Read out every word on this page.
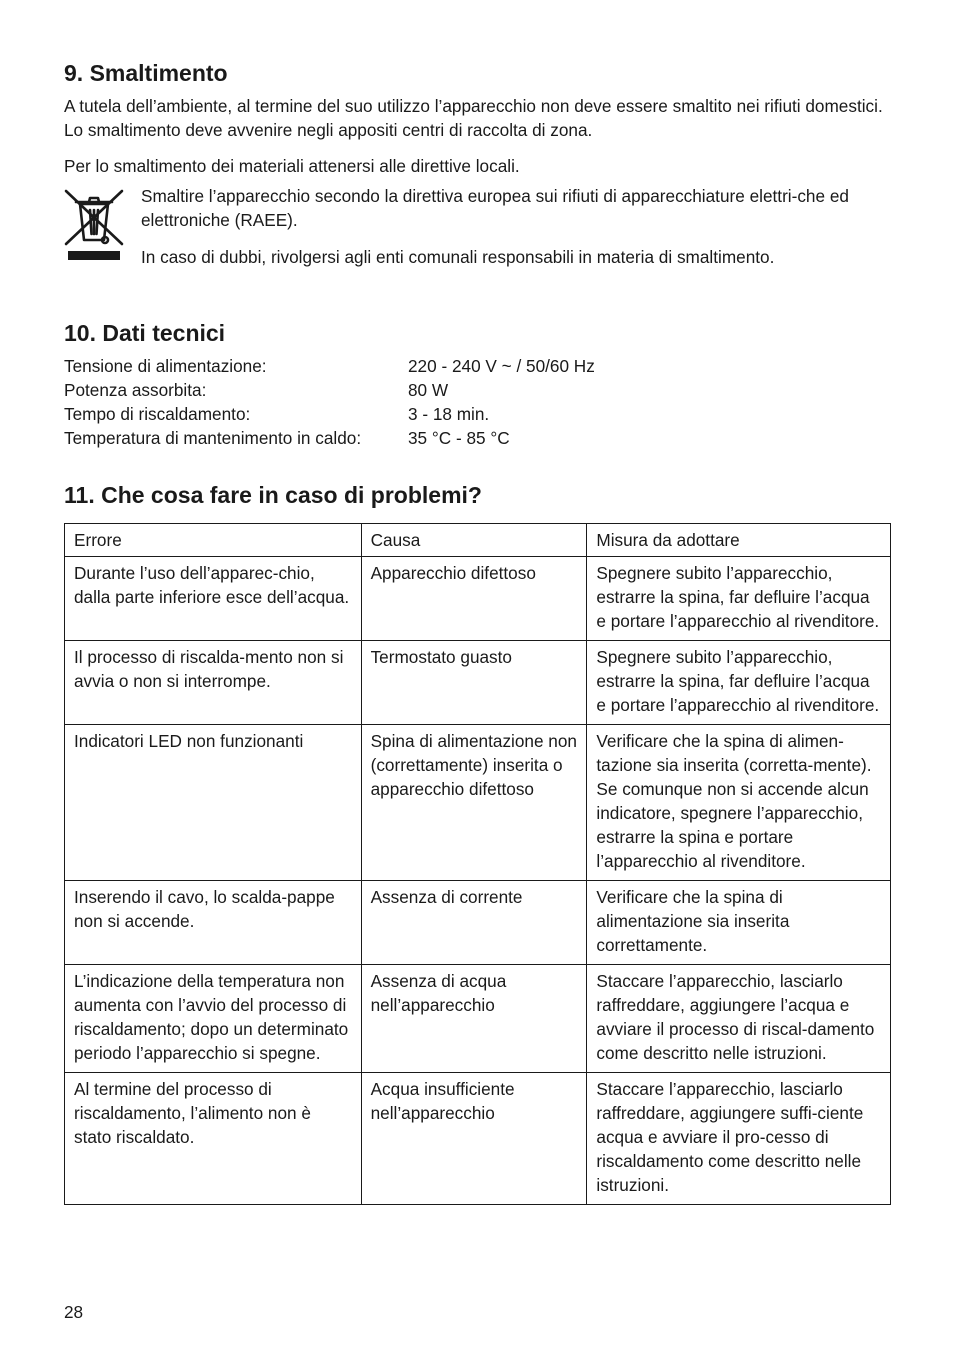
9. Smaltimento

A tutela dell’ambiente, al termine del suo utilizzo l’apparecchio non deve essere smaltito nei rifiuti domestici. Lo smaltimento deve avvenire negli appositi centri di raccolta di zona.

Per lo smaltimento dei materiali attenersi alle direttive locali.

Smaltire l’apparecchio secondo la direttiva europea sui rifiuti di apparecchiature elettri-che ed elettroniche (RAEE).

In caso di dubbi, rivolgersi agli enti comunali responsabili in materia di smaltimento.

10. Dati tecnici
Tensione di alimentazione:	220 - 240 V ~ / 50/60 Hz
Potenza assorbita:	80 W
Tempo di riscaldamento:	3 - 18 min.
Temperatura di mantenimento in caldo:	35 °C - 85 °C
11. Che cosa fare in caso di problemi?
Errore	Causa	Misura da adottare
Durante l’uso dell’apparec-chio, dalla parte inferiore esce dell’acqua.	Apparecchio difettoso	Spegnere subito l’apparecchio, estrarre la spina, far defluire l’acqua e portare l’apparecchio al rivenditore.
Il processo di riscalda-mento non si avvia o non si interrompe.	Termostato guasto	Spegnere subito l’apparecchio, estrarre la spina, far defluire l’acqua e portare l’apparecchio al rivenditore.
Indicatori LED non funzionanti	Spina di alimentazione non (correttamente) inserita o apparecchio difettoso	Verificare che la spina di alimen-tazione sia inserita (corretta-mente). Se comunque non si accende alcun indicatore, spegnere l’apparecchio, estrarre la spina e portare l’apparecchio al rivenditore.
Inserendo il cavo, lo scalda-pappe non si accende.	Assenza di corrente	Verificare che la spina di alimentazione sia inserita correttamente.
L’indicazione della temperatura non aumenta con l’avvio del processo di riscaldamento; dopo un determinato periodo l’apparecchio si spegne.	Assenza di acqua nell’apparecchio	Staccare l’apparecchio, lasciarlo raffreddare, aggiungere l’acqua e avviare il processo di riscal-damento come descritto nelle istruzioni.
Al termine del processo di riscaldamento, l’alimento non è stato riscaldato.	Acqua insufficiente nell’apparecchio	Staccare l’apparecchio, lasciarlo raffreddare, aggiungere suffi-ciente acqua e avviare il pro-cesso di riscaldamento come descritto nelle istruzioni.
28
